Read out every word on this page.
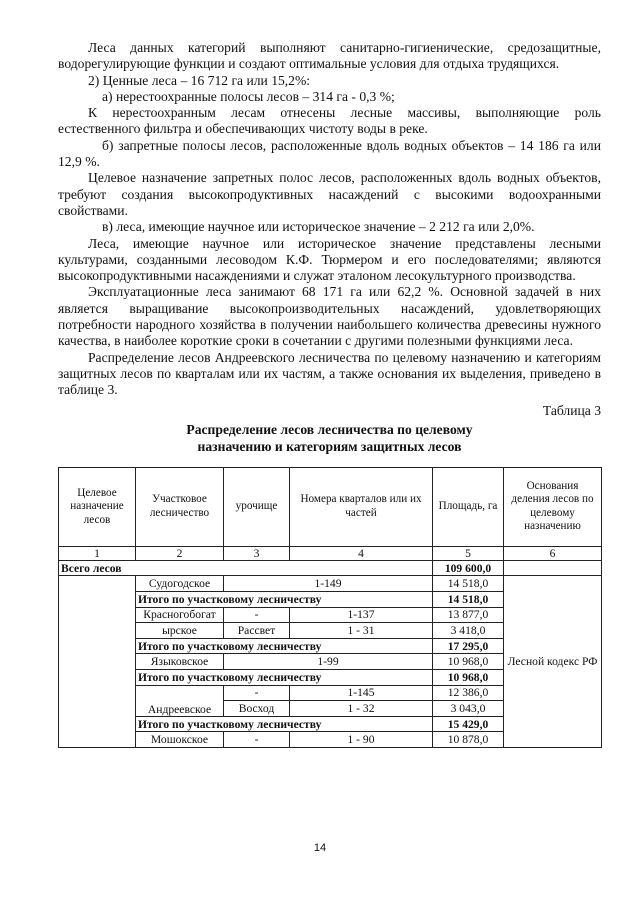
Леса данных категорий выполняют санитарно-гигиенические, средозащитные, водорегулирующие функции и создают оптимальные условия для отдыха трудящихся.

2) Ценные леса – 16 712 га или 15,2%:

а) нерестоохранные полосы лесов – 314 га - 0,3 %;

К нерестоохранным лесам отнесены лесные массивы, выполняющие роль естественного фильтра и обеспечивающих чистоту воды в реке.

б) запретные полосы лесов, расположенные вдоль водных объектов – 14 186 га или 12,9 %.

Целевое назначение запретных полос лесов, расположенных вдоль водных объектов, требуют создания высокопродуктивных насаждений с высокими водоохранными свойствами.

в) леса, имеющие научное или историческое значение – 2 212 га или 2,0%.

Леса, имеющие научное или историческое значение представлены лесными культурами, созданными лесоводом К.Ф. Тюрмером и его последователями; являются высокопродуктивными насаждениями и служат эталоном лесокультурного производства.

Эксплуатационные леса занимают 68 171 га или 62,2 %. Основной задачей в них является выращивание высокопроизводительных насаждений, удовлетворяющих потребности народного хозяйства в получении наибольшего количества древесины нужного качества, в наиболее короткие сроки в сочетании с другими полезными функциями леса.

Распределение лесов Андреевского лесничества по целевому назначению и категориям защитных лесов по кварталам или их частям, а также основания их выделения, приведено в таблице 3.

Таблица 3
Распределение лесов лесничества по целевому
назначению и категориям защитных лесов
Целевое назначение лесов	Участковое лесничество	урочище	Номера кварталов или их частей	Площадь, га	Основания деления лесов по целевому назначению
1	2	3	4	5	6
Всего лесов				109 600,0	
	Судогодское	1-149		14 518,0	Лесной кодекс РФ
	Итого по участковому лесничеству			14 518,0	
	Красногобогат	-	1-137	13 877,0	
	ырское	Рассвет	1 - 31	3 418,0	
	Итого по участковому лесничеству			17 295,0	
	Языковское	1-99		10 968,0	
	Итого по участковому лесничеству			10 968,0	
	Андреевское	-	1-145	12 386,0	
		Восход	1 - 32	3 043,0	
	Итого по участковому лесничеству			15 429,0	
	Мошокское	-	1 - 90	10 878,0	
14
